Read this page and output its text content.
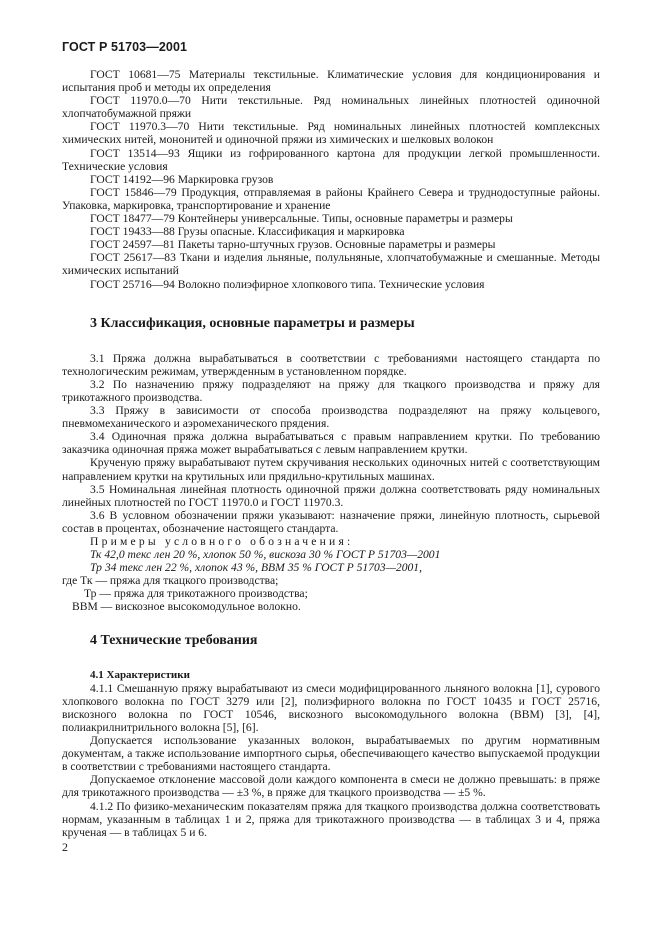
ГОСТ Р 51703—2001

ГОСТ 10681—75 Материалы текстильные. Климатические условия для кондиционирования и испытания проб и методы их определения

ГОСТ 11970.0—70 Нити текстильные. Ряд номинальных линейных плотностей одиночной хлопчатобумажной пряжи

ГОСТ 11970.3—70 Нити текстильные. Ряд номинальных линейных плотностей комплексных химических нитей, мононитей и одиночной пряжи из химических и шелковых волокон

ГОСТ 13514—93 Ящики из гофрированного картона для продукции легкой промышленности. Технические условия

ГОСТ 14192—96 Маркировка грузов

ГОСТ 15846—79 Продукция, отправляемая в районы Крайнего Севера и труднодоступные районы. Упаковка, маркировка, транспортирование и хранение

ГОСТ 18477—79 Контейнеры универсальные. Типы, основные параметры и размеры

ГОСТ 19433—88 Грузы опасные. Классификация и маркировка

ГОСТ 24597—81 Пакеты тарно-штучных грузов. Основные параметры и размеры

ГОСТ 25617—83 Ткани и изделия льняные, полульняные, хлопчатобумажные и смешанные. Методы химических испытаний

ГОСТ 25716—94 Волокно полиэфирное хлопкового типа. Технические условия

3 Классификация, основные параметры и размеры

3.1 Пряжа должна вырабатываться в соответствии с требованиями настоящего стандарта по технологическим режимам, утвержденным в установленном порядке.

3.2 По назначению пряжу подразделяют на пряжу для ткацкого производства и пряжу для трикотажного производства.

3.3 Пряжу в зависимости от способа производства подразделяют на пряжу кольцевого, пневмомеханического и аэромеханического прядения.

3.4 Одиночная пряжа должна вырабатываться с правым направлением крутки. По требованию заказчика одиночная пряжа может вырабатываться с левым направлением крутки.

Крученую пряжу вырабатывают путем скручивания нескольких одиночных нитей с соответствующим направлением крутки на крутильных или прядильно-крутильных машинах.

3.5 Номинальная линейная плотность одиночной пряжи должна соответствовать ряду номинальных линейных плотностей по ГОСТ 11970.0 и ГОСТ 11970.3.

3.6 В условном обозначении пряжи указывают: назначение пряжи, линейную плотность, сырьевой состав в процентах, обозначение настоящего стандарта.

Примеры условного обозначения:

Тк 42,0 текс лен 20 %, хлопок 50 %, вискоза 30 % ГОСТ Р 51703—2001

Тр 34 текс лен 22 %, хлопок 43 %, ВВМ 35 % ГОСТ Р 51703—2001,

где Тк — пряжа для ткацкого производства;

Тр — пряжа для трикотажного производства;

ВВМ — вискозное высокомодульное волокно.

4 Технические требования
4.1 Характеристики

4.1.1 Смешанную пряжу вырабатывают из смеси модифицированного льняного волокна [1], сурового хлопкового волокна по ГОСТ 3279 или [2], полиэфирного волокна по ГОСТ 10435 и ГОСТ 25716, вискозного волокна по ГОСТ 10546, вискозного высокомодульного волокна (ВВМ) [3], [4], полиакрилнитрильного волокна [5], [6].

Допускается использование указанных волокон, вырабатываемых по другим нормативным документам, а также использование импортного сырья, обеспечивающего качество выпускаемой продукции в соответствии с требованиями настоящего стандарта.

Допускаемое отклонение массовой доли каждого компонента в смеси не должно превышать: в пряже для трикотажного производства — ±3 %, в пряже для ткацкого производства — ±5 %.

4.1.2 По физико-механическим показателям пряжа для ткацкого производства должна соответствовать нормам, указанным в таблицах 1 и 2, пряжа для трикотажного производства — в таблицах 3 и 4, пряжа крученая — в таблицах 5 и 6.

2
